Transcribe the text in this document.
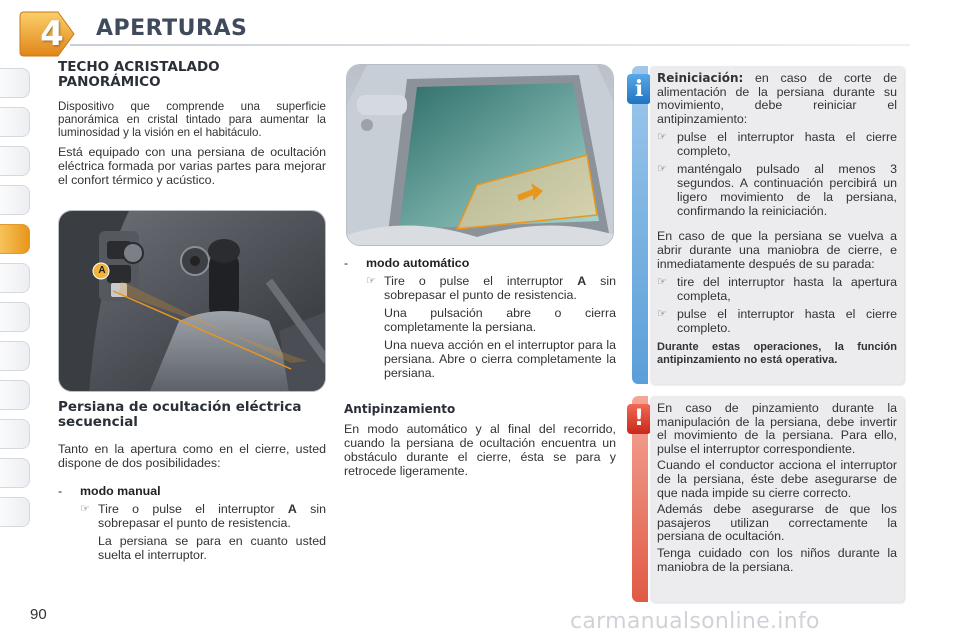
4	APERTURAS
TECHO ACRISTALADO PANORÁMICO

Dispositivo que comprende una superficie panorámica en cristal tintado para aumentar la luminosidad y la visión en el habitáculo.

Está equipado con una persiana de ocultación eléctrica formada por varias partes para mejorar el confort térmico y acústico.

A
Persiana de ocultación eléctrica secuencial

Tanto en la apertura como en el cierre, usted dispone de dos posibilidades:

-	modo manual
☞ Tire o pulse el interruptor A sin sobrepasar el punto de resistencia.

La persiana se para en cuanto usted suelta el interruptor.

-	modo automático
☞ Tire o pulse el interruptor A sin sobrepasar el punto de resistencia.

Una pulsación abre o cierra completamente la persiana.

Una nueva acción en el interruptor para la persiana. Abre o cierra completamente la persiana.

Antipinzamiento

En modo automático y al final del recorrido, cuando la persiana de ocultación encuentra un obstáculo durante el cierre, ésta se para y retrocede ligeramente.

i	Reiniciación: en caso de corte de alimentación de la persiana durante su movimiento, debe reiniciar el antipinzamiento:

☞ pulse el interruptor hasta el cierre completo,
☞ manténgalo pulsado al menos 3 segundos. A continuación percibirá un ligero movimiento de la persiana, confirmando la reiniciación.

En caso de que la persiana se vuelva a abrir durante una maniobra de cierre, e inmediatamente después de su parada:

☞ tire del interruptor hasta la apertura completa,
☞ pulse el interruptor hasta el cierre completo.

Durante estas operaciones, la función antipinzamiento no está operativa.

!	En caso de pinzamiento durante la manipulación de la persiana, debe invertir el movimiento de la persiana. Para ello, pulse el interruptor correspondiente.

Cuando el conductor acciona el interruptor de la persiana, éste debe asegurarse de que nada impide su cierre correcto.

Además debe asegurarse de que los pasajeros utilizan correctamente la persiana de ocultación.

Tenga cuidado con los niños durante la maniobra de la persiana.

90	carmanualsonline.info
